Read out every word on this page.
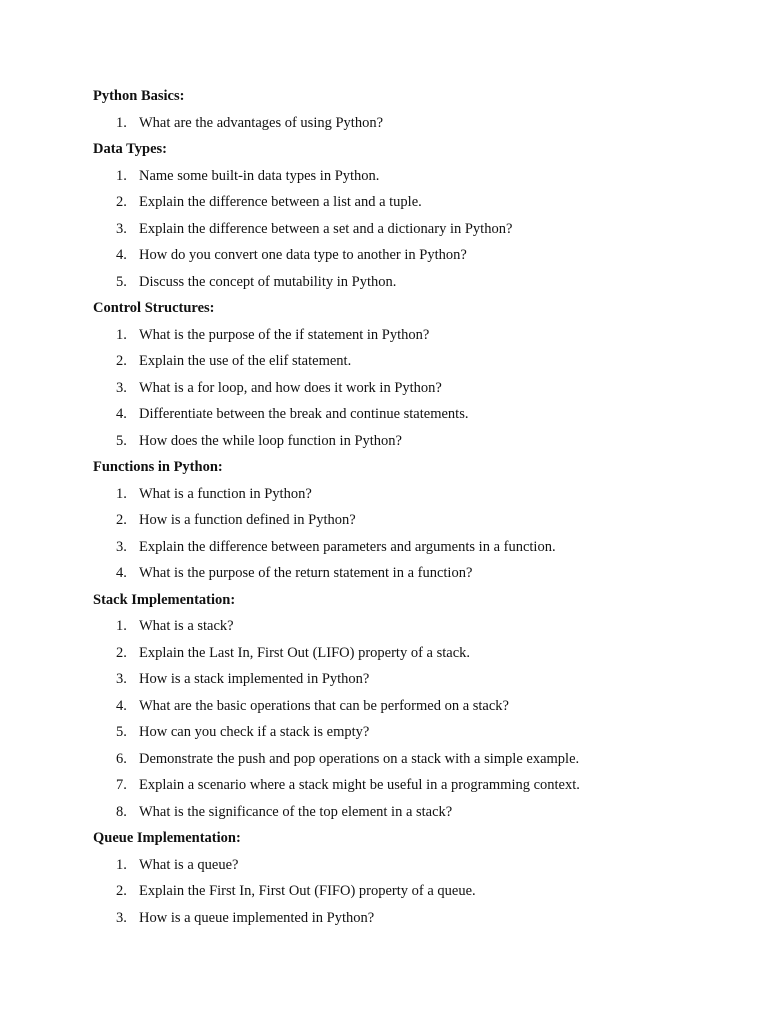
Python Basics:
1. What are the advantages of using Python?
Data Types:
1. Name some built-in data types in Python.
2. Explain the difference between a list and a tuple.
3. Explain the difference between a set and a dictionary in Python?
4. How do you convert one data type to another in Python?
5. Discuss the concept of mutability in Python.
Control Structures:
1. What is the purpose of the if statement in Python?
2. Explain the use of the elif statement.
3. What is a for loop, and how does it work in Python?
4. Differentiate between the break and continue statements.
5. How does the while loop function in Python?
Functions in Python:
1. What is a function in Python?
2. How is a function defined in Python?
3. Explain the difference between parameters and arguments in a function.
4. What is the purpose of the return statement in a function?
Stack Implementation:
1. What is a stack?
2. Explain the Last In, First Out (LIFO) property of a stack.
3. How is a stack implemented in Python?
4. What are the basic operations that can be performed on a stack?
5. How can you check if a stack is empty?
6. Demonstrate the push and pop operations on a stack with a simple example.
7. Explain a scenario where a stack might be useful in a programming context.
8. What is the significance of the top element in a stack?
Queue Implementation:
1. What is a queue?
2. Explain the First In, First Out (FIFO) property of a queue.
3. How is a queue implemented in Python?
